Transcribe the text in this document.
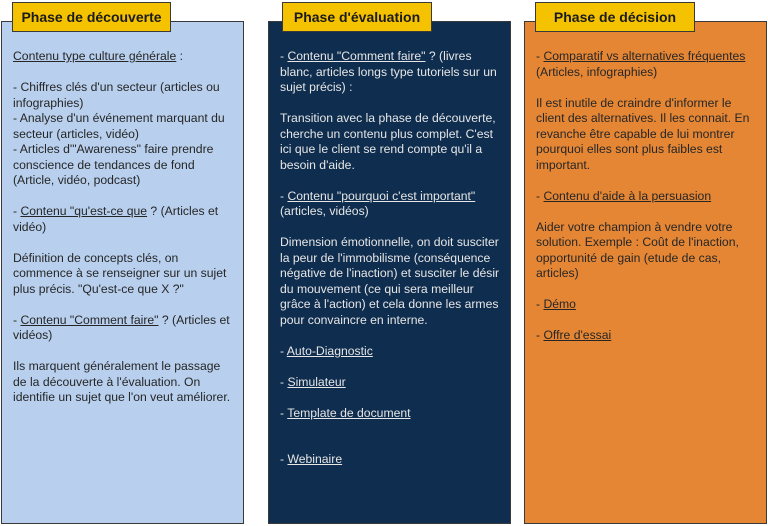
Phase de découverte

Contenu type culture générale :

- Chiffres clés d'un secteur (articles ou infographies)

- Analyse d'un événement marquant du secteur (articles, vidéo)

- Articles d'"Awareness" faire prendre conscience de tendances de fond (Article, vidéo, podcast)

- Contenu "qu'est-ce que ? (Articles et vidéo)

Définition de concepts clés, on commence à se renseigner sur un sujet plus précis. "Qu'est-ce que X ?"

- Contenu "Comment faire" ? (Articles et vidéos)

Ils marquent généralement le passage de la découverte à l'évaluation. On identifie un sujet que l'on veut améliorer.

Phase d'évaluation

- Contenu "Comment faire" ? (livres blanc, articles longs type tutoriels sur un sujet précis) :

Transition avec la phase de découverte, cherche un contenu plus complet. C'est ici que le client se rend compte qu'il a besoin d'aide.

- Contenu "pourquoi c'est important" (articles, vidéos)

Dimension émotionnelle, on doit susciter la peur de l'immobilisme (conséquence négative de l'inaction) et susciter le désir du mouvement (ce qui sera meilleur grâce à l'action) et cela donne les armes pour convaincre en interne.

- Auto-Diagnostic

- Simulateur

- Template de document

- Webinaire

Phase de décision

- Comparatif vs alternatives fréquentes (Articles, infographies)

Il est inutile de craindre d'informer le client des alternatives. Il les connait. En revanche être capable de lui montrer pourquoi elles sont plus faibles est important.

- Contenu d'aide à la persuasion

Aider votre champion à vendre votre solution. Exemple : Coût de l'inaction, opportunité de gain (etude de cas, articles)

- Démo

- Offre d'essai
